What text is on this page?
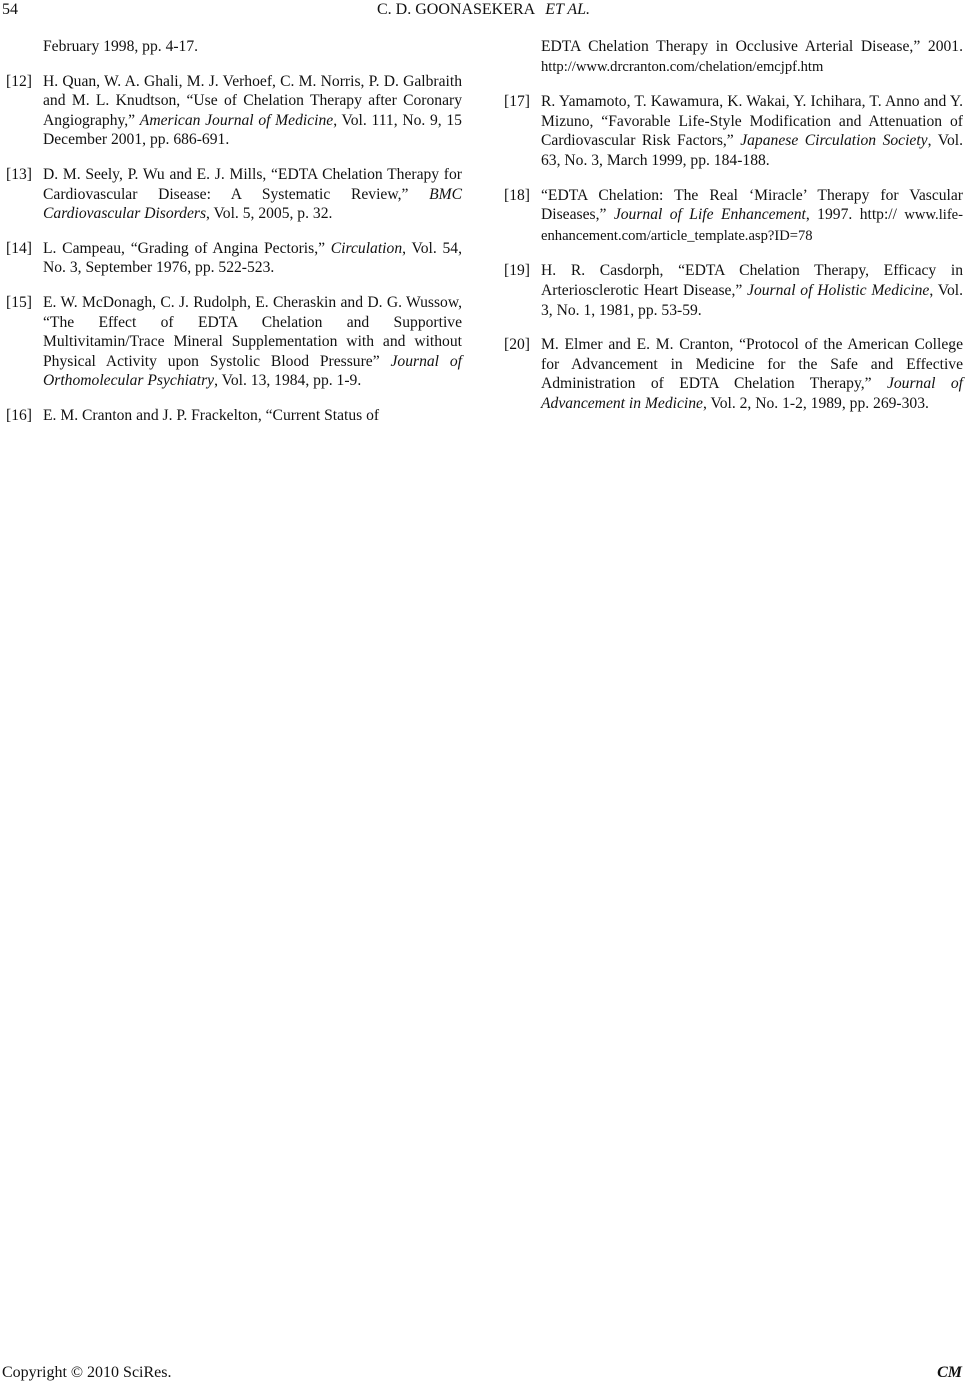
54	C. D. GOONASEKERA ET AL.
February 1998, pp. 4-17.
[12] H. Quan, W. A. Ghali, M. J. Verhoef, C. M. Norris, P. D. Galbraith and M. L. Knudtson, “Use of Chelation Therapy after Coronary Angiography,” American Journal of Medicine, Vol. 111, No. 9, 15 December 2001, pp. 686-691.
[13] D. M. Seely, P. Wu and E. J. Mills, “EDTA Chelation Therapy for Cardiovascular Disease: A Systematic Review,” BMC Cardiovascular Disorders, Vol. 5, 2005, p. 32.
[14] L. Campeau, “Grading of Angina Pectoris,” Circulation, Vol. 54, No. 3, September 1976, pp. 522-523.
[15] E. W. McDonagh, C. J. Rudolph, E. Cheraskin and D. G. Wussow, “The Effect of EDTA Chelation and Supportive Multivitamin/Trace Mineral Supplementation with and without Physical Activity upon Systolic Blood Pressure” Journal of Orthomolecular Psychiatry, Vol. 13, 1984, pp. 1-9.
[16] E. M. Cranton and J. P. Frackelton, “Current Status of
EDTA Chelation Therapy in Occlusive Arterial Disease,” 2001. http://www.drcranton.com/chelation/emcjpf.htm
[17] R. Yamamoto, T. Kawamura, K. Wakai, Y. Ichihara, T. Anno and Y. Mizuno, “Favorable Life-Style Modification and Attenuation of Cardiovascular Risk Factors,” Japanese Circulation Society, Vol. 63, No. 3, March 1999, pp. 184-188.
[18] “EDTA Chelation: The Real ‘Miracle’ Therapy for Vascular Diseases,” Journal of Life Enhancement, 1997. http:// www.life-enhancement.com/article_template.asp?ID=78
[19] H. R. Casdorph, “EDTA Chelation Therapy, Efficacy in Arteriosclerotic Heart Disease,” Journal of Holistic Medicine, Vol. 3, No. 1, 1981, pp. 53-59.
[20] M. Elmer and E. M. Cranton, “Protocol of the American College for Advancement in Medicine for the Safe and Effective Administration of EDTA Chelation Therapy,” Journal of Advancement in Medicine, Vol. 2, No. 1-2, 1989, pp. 269-303.
Copyright © 2010 SciRes.	CM
